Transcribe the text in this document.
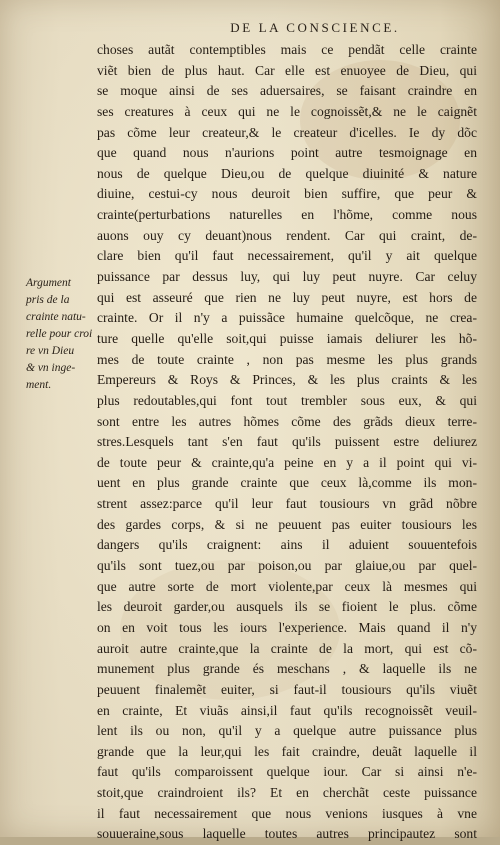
DE LA CONSCIENCE.
Argument
pris de la
crainte natu-
relle pour croi
re vn Dieu
& vn inge-
ment.
choses autãt contemptibles mais ce pendãt celle crainte
viẽt bien de plus haut. Car elle est enuoyee de Dieu, qui
se moque ainsi de ses aduersaires, se faisant craindre en
ses creatures à ceux qui ne le cognoissẽt,& ne le caignẽt
pas cõme leur createur,& le createur d'icelles. Ie dy dõc
que quand nous n'aurions point autre tesmoignage en
nous de quelque Dieu,ou de quelque diuinité & nature
diuine, cestui-cy nous deuroit bien suffire, que peur &
crainte(perturbations naturelles en l'hõme, comme nous
auons ouy cy deuant)nous rendent. Car qui craint, de-
clare bien qu'il faut necessairement, qu'il y ait quelque
puissance par dessus luy, qui luy peut nuyre. Car celuy
qui est asseuré que rien ne luy peut nuyre, est hors de
crainte. Or il n'y a puissãce humaine quelcõque, ne crea-
ture quelle qu'elle soit,qui puisse iamais deliurer les hõ-
mes de toute crainte , non pas mesme les plus grands
Empereurs & Roys & Princes, & les plus craints & les
plus redoutables,qui font tout trembler sous eux, & qui
sont entre les autres hõmes cõme des grãds dieux terre-
stres.Lesquels tant s'en faut qu'ils puissent estre deliurez
de toute peur & crainte,qu'a peine en y a il point qui vi-
uent en plus grande crainte que ceux là,comme ils mon-
strent assez:parce qu'il leur faut tousiours vn grãd nõbre
des gardes corps, & si ne peuuent pas euiter tousiours les
dangers qu'ils craignent: ains il aduient souuentefois
qu'ils sont tuez,ou par poison,ou par glaiue,ou par quel-
que autre sorte de mort violente,par ceux là mesmes qui
les deuroit garder,ou ausquels ils se fioient le plus. cõme
on en voit tous les iours l'experience. Mais quand il n'y
auroit autre crainte,que la crainte de la mort, qui est cõ-
munement plus grande és meschans , & laquelle ils ne
peuuent finalemẽt euiter, si faut-il tousiours qu'ils viuẽt
en crainte, Et viuãs ainsi,il faut qu'ils recognoissẽt veuil-
lent ils ou non, qu'il y a quelque autre puissance plus
grande que la leur,qui les fait craindre, deuãt laquelle il
faut qu'ils comparoissent quelque iour. Car si ainsi n'e-
stoit,que craindroient ils? Et en cherchãt ceste puissance
il faut necessairement que nous venions iusques à vne
souueraine,sous laquelle toutes autres principautez sont
